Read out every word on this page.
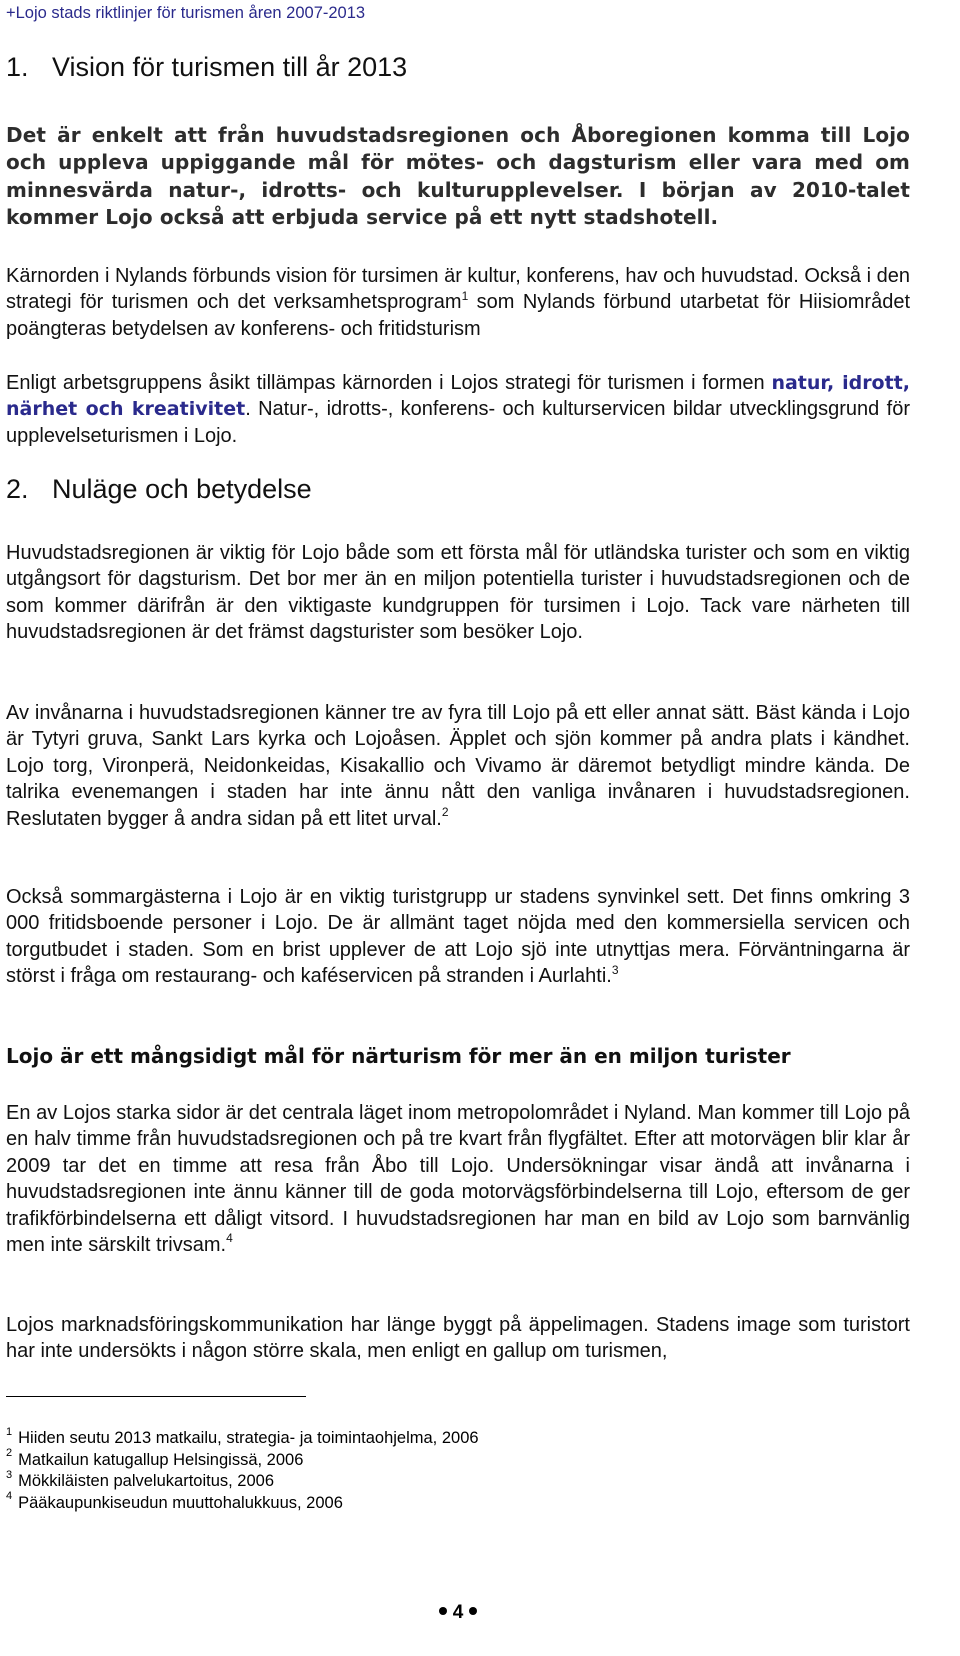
+Lojo stads riktlinjer för turismen åren 2007-2013
1. Vision för turismen till år 2013
Det är enkelt att från huvudstadsregionen och Åboregionen komma till Lojo och uppleva uppiggande mål för mötes- och dagsturism eller vara med om minnesvärda natur-, idrotts- och kulturupplevelser. I början av 2010-talet kommer Lojo också att erbjuda service på ett nytt stadshotell.
Kärnorden i Nylands förbunds vision för tursimen är kultur, konferens, hav och huvudstad. Också i den strategi för turismen och det verksamhetsprogram$^1$ som Nylands förbund utarbetat för Hiisiområdet poängteras betydelsen av konferens- och fritidsturism
Enligt arbetsgruppens åsikt tillämpas kärnorden i Lojos strategi för turismen i formen natur, idrott, närhet och kreativitet. Natur-, idrotts-, konferens- och kulturservicen bildar utvecklingsgrund för upplevelseturismen i Lojo.
2. Nuläge och betydelse
Huvudstadsregionen är viktig för Lojo både som ett första mål för utländska turister och som en viktig utgångsort för dagsturism. Det bor mer än en miljon potentiella turister i huvudstadsregionen och de som kommer därifrån är den viktigaste kundgruppen för tursimen i Lojo. Tack vare närheten till huvudstadsregionen är det främst dagsturister som besöker Lojo.
Av invånarna i huvudstadsregionen känner tre av fyra till Lojo på ett eller annat sätt. Bäst kända i Lojo är Tytyri gruva, Sankt Lars kyrka och Lojoåsen. Äpplet och sjön kommer på andra plats i kändhet. Lojo torg, Vironperä, Neidonkeidas, Kisakallio och Vivamo är däremot betydligt mindre kända. De talrika evenemangen i staden har inte ännu nått den vanliga invånaren i huvudstadsregionen. Reslutaten bygger å andra sidan på ett litet urval.$^2$
Också sommargästerna i Lojo är en viktig turistgrupp ur stadens synvinkel sett. Det finns omkring 3 000 fritidsboende personer i Lojo. De är allmänt taget nöjda med den kommersiella servicen och torgutbudet i staden. Som en brist upplever de att Lojo sjö inte utnyttjas mera. Förväntningarna är störst i fråga om restaurang- och kaféservicen på stranden i Aurlahti.$^3$
Lojo är ett mångsidigt mål för närturism för mer än en miljon turister
En av Lojos starka sidor är det centrala läget inom metropolområdet i Nyland. Man kommer till Lojo på en halv timme från huvudstadsregionen och på tre kvart från flygfältet. Efter att motorvägen blir klar år 2009 tar det en timme att resa från Åbo till Lojo. Undersökningar visar ändå att invånarna i huvudstadsregionen inte ännu känner till de goda motorvägsförbindelserna till Lojo, eftersom de ger trafikförbindelserna ett dåligt vitsord. I huvudstadsregionen har man en bild av Lojo som barnvänlig men inte särskilt trivsam.$^4$
Lojos marknadsföringskommunikation har länge byggt på äppelimagen. Stadens image som turistort har inte undersökts i någon större skala, men enligt en gallup om turismen,
$^1$ Hiiden seutu 2013 matkailu, strategia- ja toimintaohjelma, 2006
$^2$ Matkailun katugallup Helsingissä, 2006
$^3$ Mökkiläisten palvelukartoitus, 2006
$^4$ Pääkaupunkiseudun muuttohalukkuus, 2006
4
